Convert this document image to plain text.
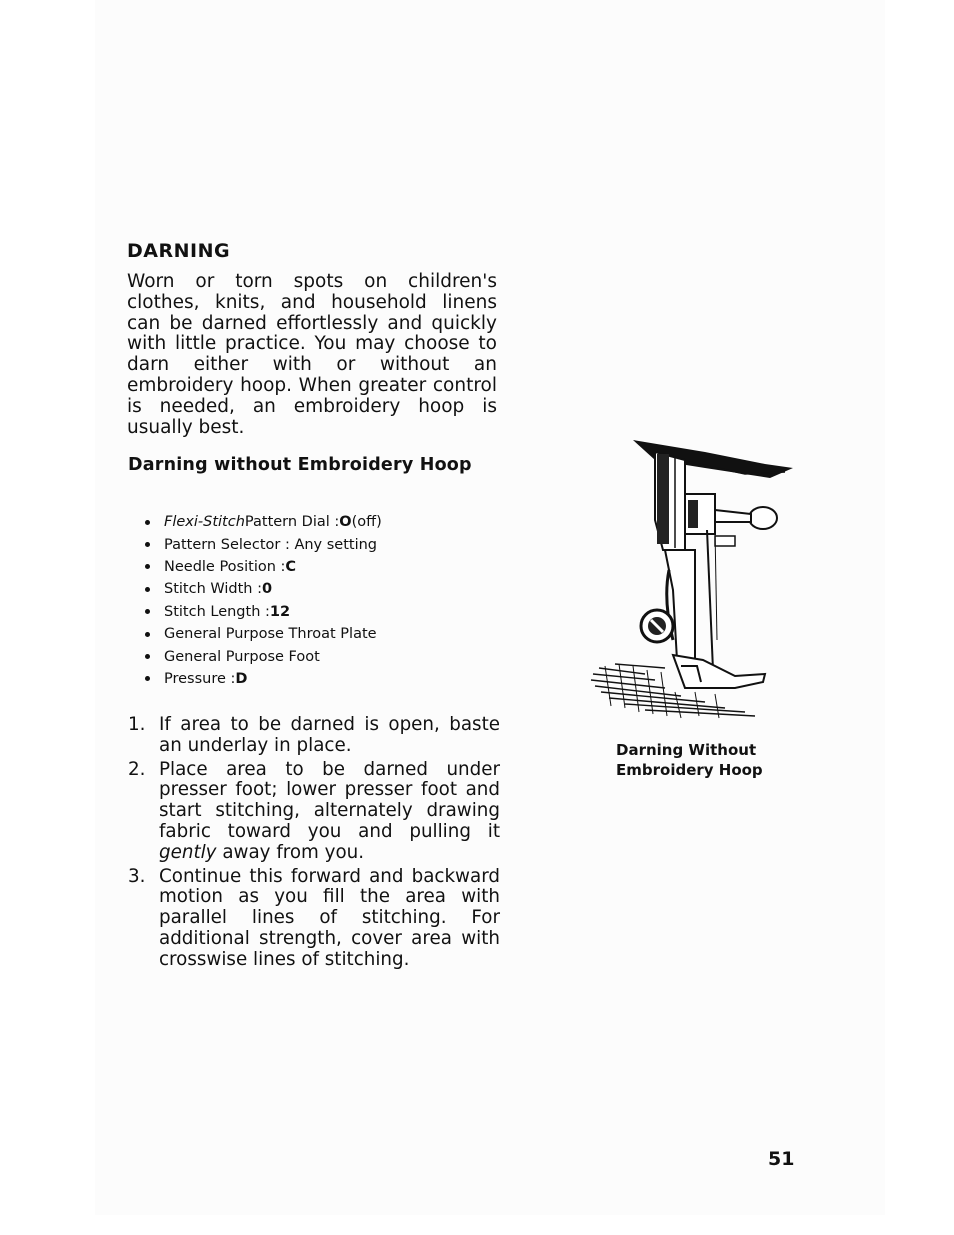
DARNING
Worn or torn spots on children's clothes, knits, and household linens can be darned effortlessly and quickly with little practice. You may choose to darn either with or without an embroidery hoop. When greater control is needed, an embroidery hoop is usually best.
Darning without Embroidery Hoop
Flexi-Stitch Pattern Dial : O (off)
Pattern Selector : Any setting
Needle Position : C
Stitch Width : 0
Stitch Length : 12
General Purpose Throat Plate
General Purpose Foot
Pressure : D
1. If area to be darned is open, baste an underlay in place.
2. Place area to be darned under presser foot; lower presser foot and start stitching, alternately drawing fabric toward you and pulling it gently away from you.
3. Continue this forward and backward motion as you fill the area with parallel lines of stitching. For additional strength, cover area with crosswise lines of stitching.
Darning Without
Embroidery Hoop
51
